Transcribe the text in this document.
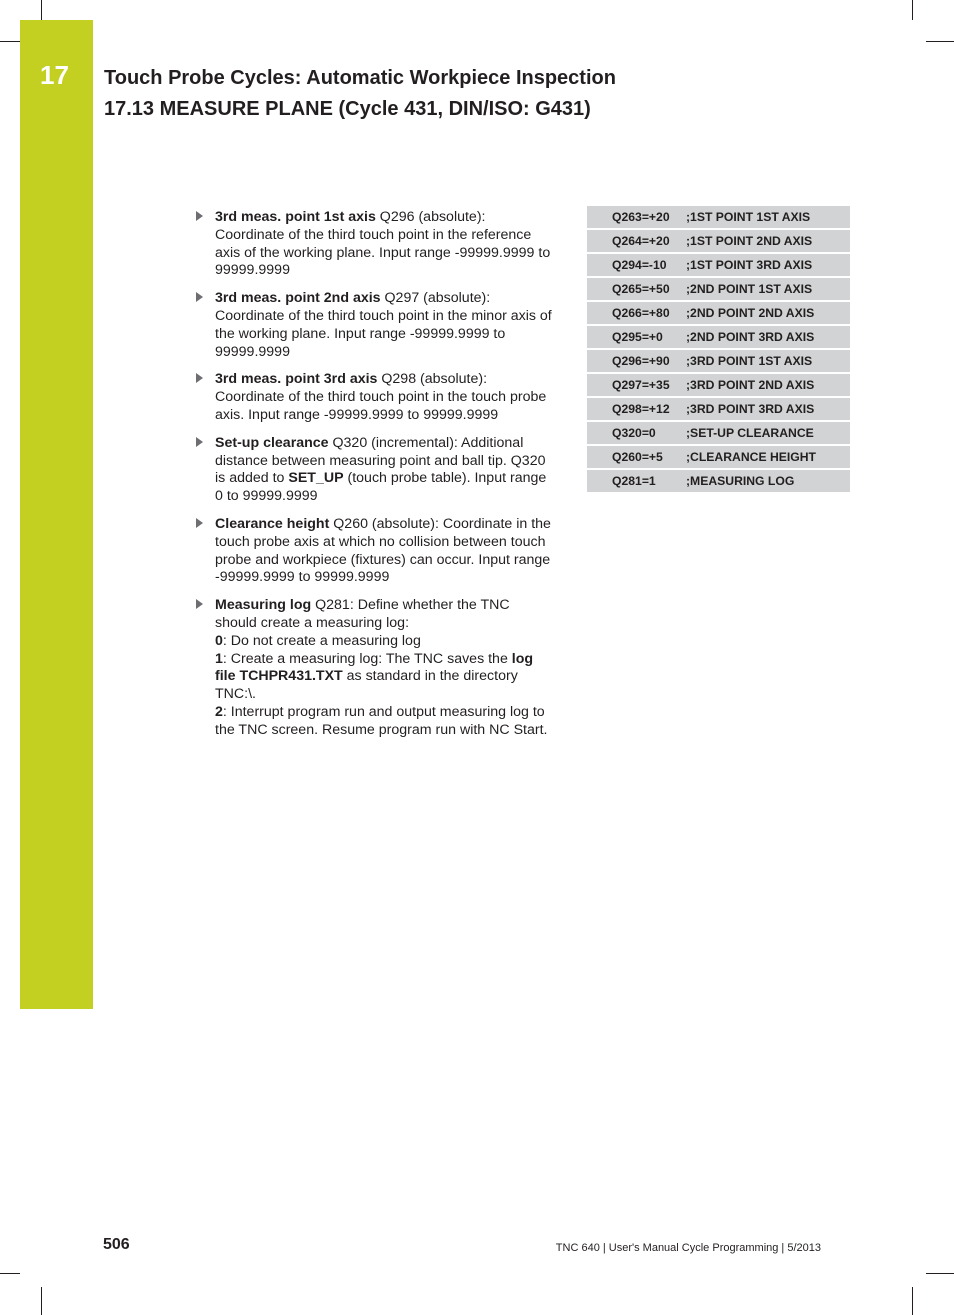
17	Touch Probe Cycles: Automatic Workpiece Inspection
17.13 MEASURE PLANE (Cycle 431, DIN/ISO: G431)
3rd meas. point 1st axis Q296 (absolute): Coordinate of the third touch point in the reference axis of the working plane. Input range -99999.9999 to 99999.9999
3rd meas. point 2nd axis Q297 (absolute): Coordinate of the third touch point in the minor axis of the working plane. Input range -99999.9999 to 99999.9999
3rd meas. point 3rd axis Q298 (absolute): Coordinate of the third touch point in the touch probe axis. Input range -99999.9999 to 99999.9999
Set-up clearance Q320 (incremental): Additional distance between measuring point and ball tip. Q320 is added to SET_UP (touch probe table). Input range 0 to 99999.9999
Clearance height Q260 (absolute): Coordinate in the touch probe axis at which no collision between touch probe and workpiece (fixtures) can occur. Input range -99999.9999 to 99999.9999
Measuring log Q281: Define whether the TNC should create a measuring log:
0: Do not create a measuring log
1: Create a measuring log: The TNC saves the log file TCHPR431.TXT as standard in the directory TNC:\.
2: Interrupt program run and output measuring log to the TNC screen. Resume program run with NC Start.
Q263=+20	;1ST POINT 1ST AXIS
Q264=+20	;1ST POINT 2ND AXIS
Q294=-10	;1ST POINT 3RD AXIS
Q265=+50	;2ND POINT 1ST AXIS
Q266=+80	;2ND POINT 2ND AXIS
Q295=+0	;2ND POINT 3RD AXIS
Q296=+90	;3RD POINT 1ST AXIS
Q297=+35	;3RD POINT 2ND AXIS
Q298=+12	;3RD POINT 3RD AXIS
Q320=0	;SET-UP CLEARANCE
Q260=+5	;CLEARANCE HEIGHT
Q281=1	;MEASURING LOG
506	TNC 640 | User's Manual Cycle Programming | 5/2013
